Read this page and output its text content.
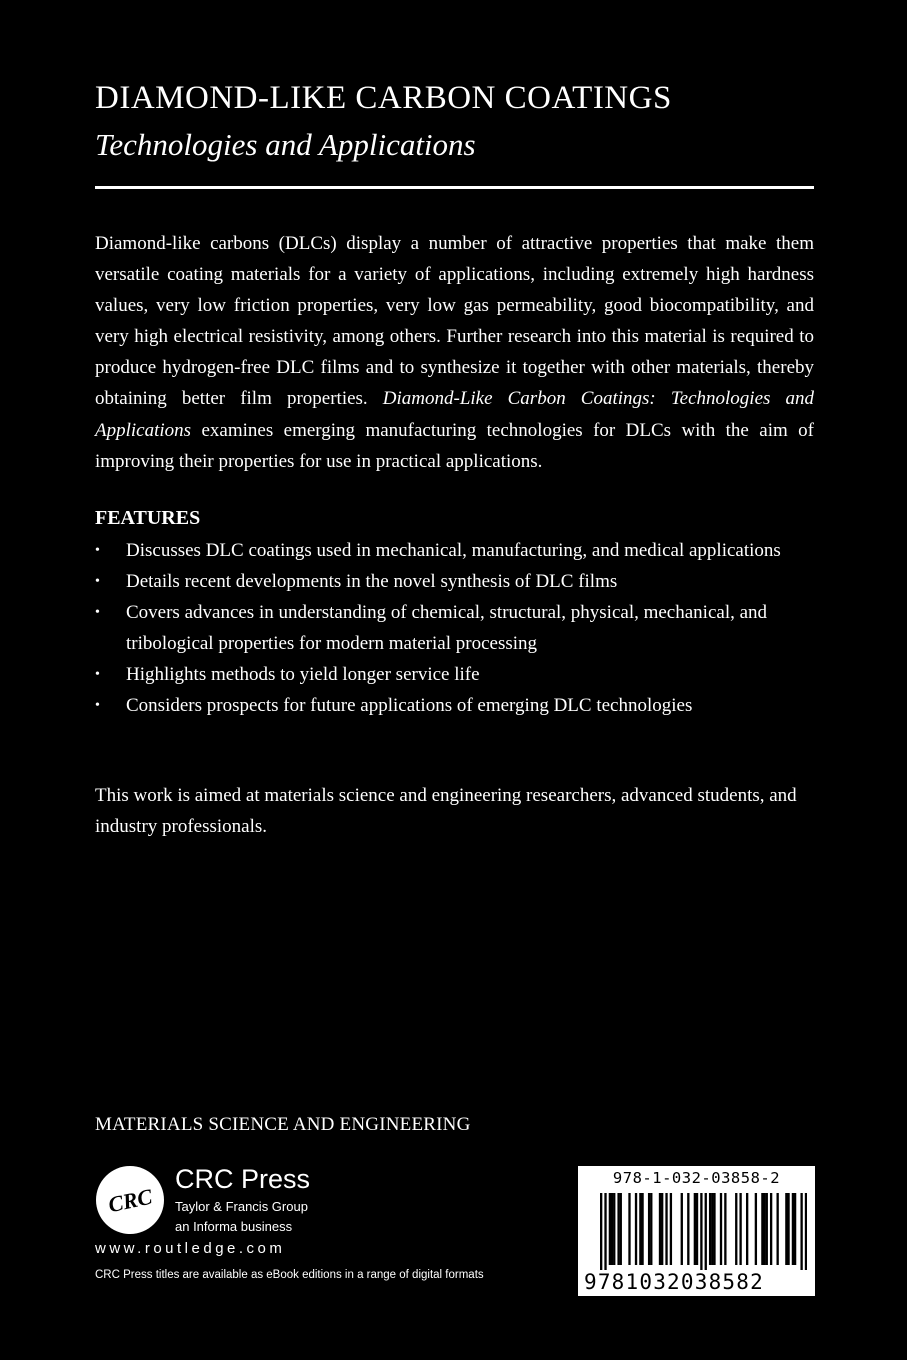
DIAMOND-LIKE CARBON COATINGS
Technologies and Applications

Diamond-like carbons (DLCs) display a number of attractive properties that make them versatile coating materials for a variety of applications, including extremely high hardness values, very low friction properties, very low gas permeability, good biocompatibility, and very high electrical resistivity, among others. Further research into this material is required to produce hydrogen-free DLC films and to synthesize it together with other materials, thereby obtaining better film properties. Diamond-Like Carbon Coatings: Technologies and Applications examines emerging manufacturing technologies for DLCs with the aim of improving their properties for use in practical applications.

FEATURES
• Discusses DLC coatings used in mechanical, manufacturing, and medical applications
• Details recent developments in the novel synthesis of DLC films
• Covers advances in understanding of chemical, structural, physical, mechanical, and tribological properties for modern material processing
• Highlights methods to yield longer service life
• Considers prospects for future applications of emerging DLC technologies

This work is aimed at materials science and engineering researchers, advanced students, and industry professionals.

MATERIALS SCIENCE AND ENGINEERING
CRC
CRC Press
Taylor & Francis Group
an Informa business
www.routledge.com
CRC Press titles are available as eBook editions in a range of digital formats
978-1-032-03858-2
9781032038582
